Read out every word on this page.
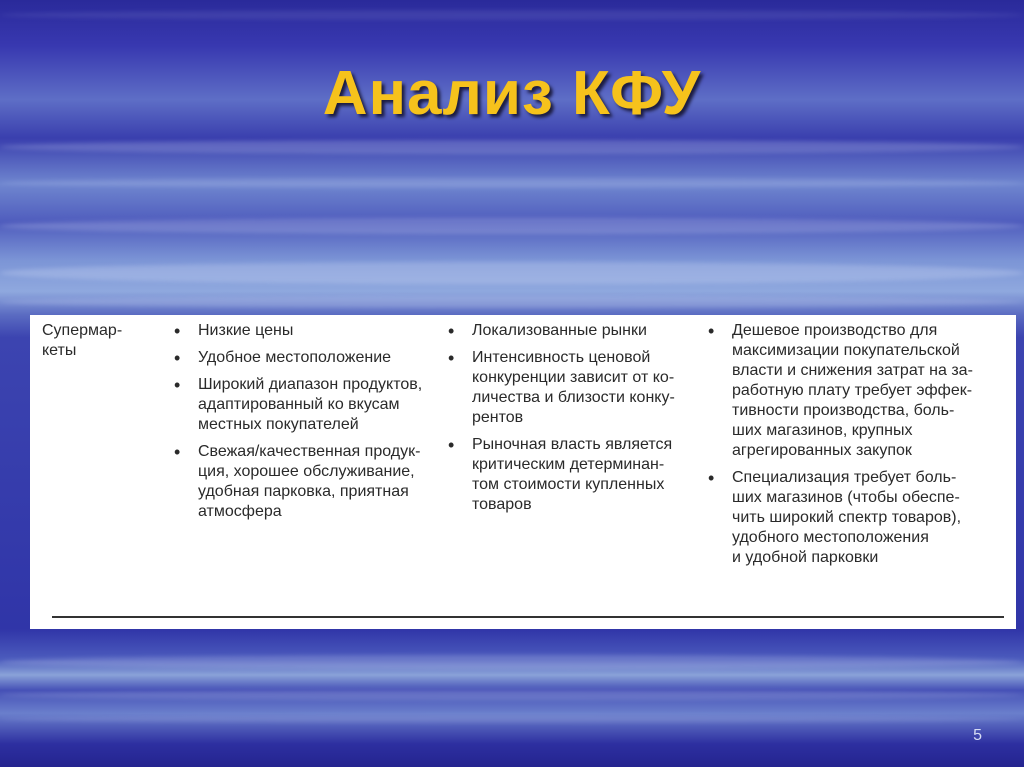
Анализ КФУ
Супермар-
кеты
• Низкие цены
• Удобное местоположение
• Широкий диапазон продуктов,
адаптированный ко вкусам
местных покупателей
• Свежая/качественная продук-
ция, хорошее обслуживание,
удобная парковка, приятная
атмосфера
• Локализованные рынки
• Интенсивность ценовой
конкуренции зависит от ко-
личества и близости конку-
рентов
• Рыночная власть является
критическим детерминан-
том стоимости купленных
товаров
• Дешевое производство для
максимизации покупательской
власти и снижения затрат на за-
работную плату требует эффек-
тивности производства, боль-
ших магазинов, крупных
агрегированных закупок
• Специализация требует боль-
ших магазинов (чтобы обеспе-
чить широкий спектр товаров),
удобного местоположения
и удобной парковки
5
